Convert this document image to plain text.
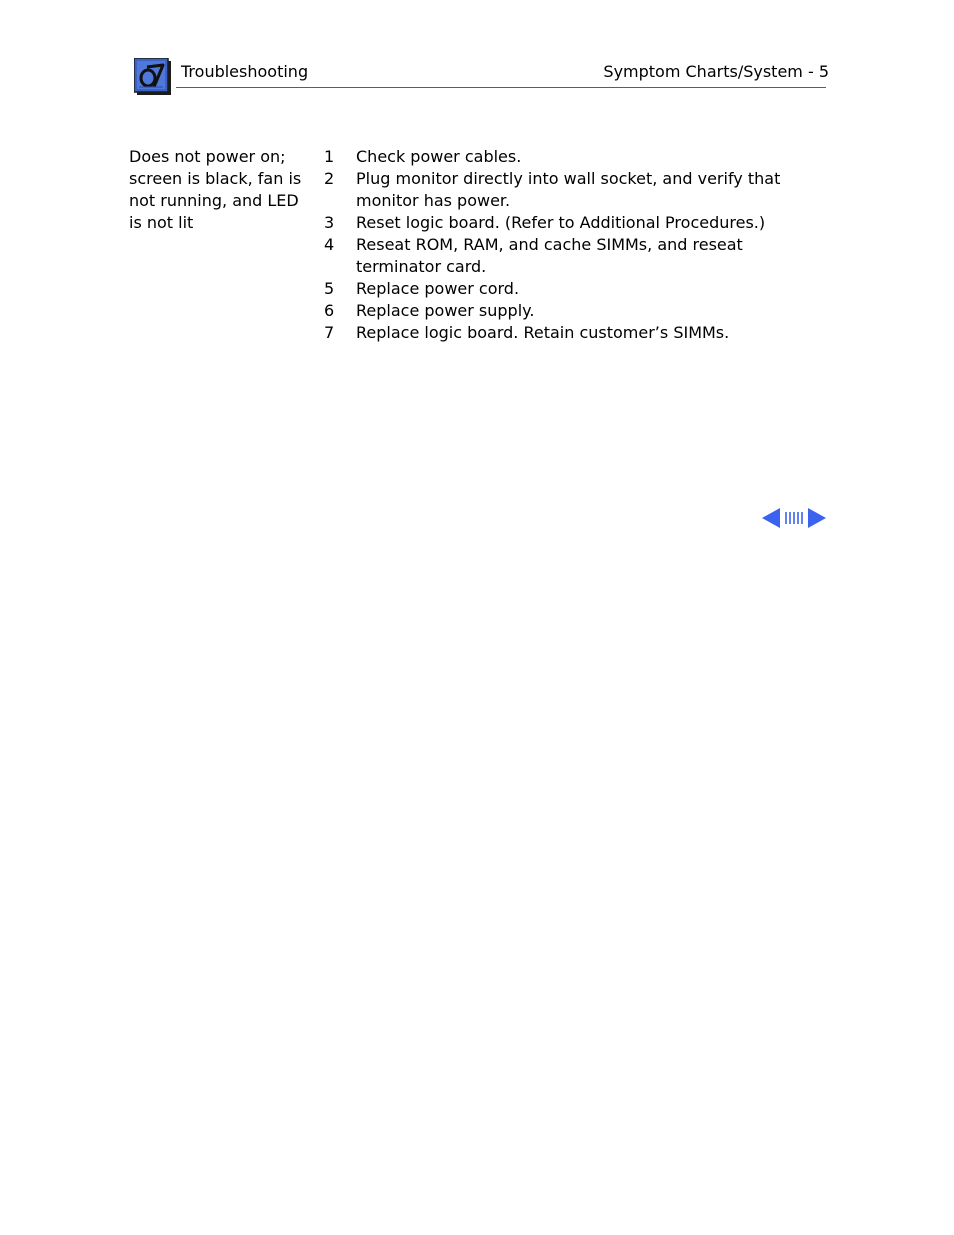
Troubleshooting	Symptom Charts/System - 5
Does not power on; screen is black, fan is not running, and LED is not lit
1	Check power cables.
2	Plug monitor directly into wall socket, and verify that monitor has power.
3	Reset logic board. (Refer to Additional Procedures.)
4	Reseat ROM, RAM, and cache SIMMs, and reseat terminator card.
5	Replace power cord.
6	Replace power supply.
7	Replace logic board. Retain customer’s SIMMs.
